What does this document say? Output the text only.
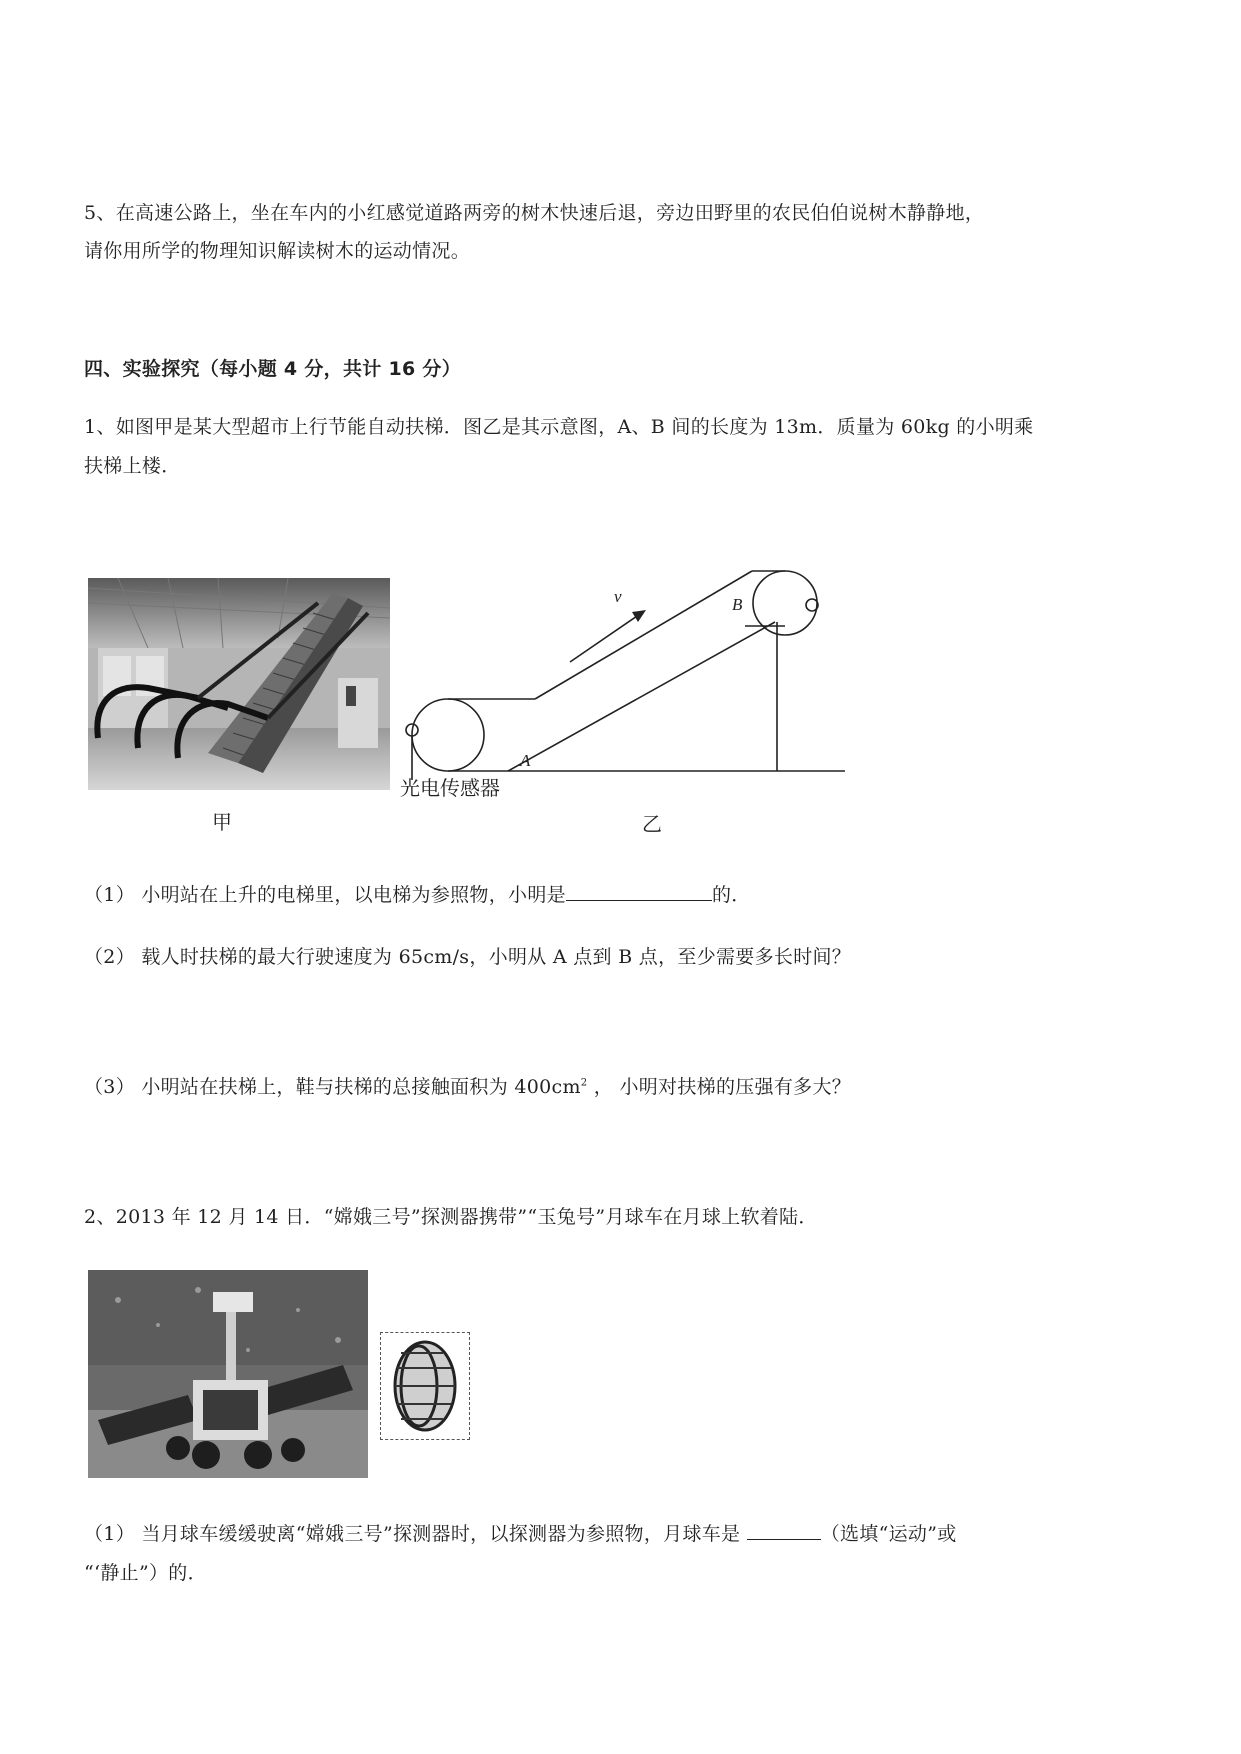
5、在高速公路上，坐在车内的小红感觉道路两旁的树木快速后退，旁边田野里的农民伯伯说树木静静地，
请你用所学的物理知识解读树木的运动情况。
四、实验探究（每小题 4 分，共计 16 分）
1、如图甲是某大型超市上行节能自动扶梯．图乙是其示意图，A、B 间的长度为 13m．质量为 60kg 的小明乘
扶梯上楼．
甲
v	B
A
光电传感器
乙
（1） 小明站在上升的电梯里，以电梯为参照物，小明是	的．
（2） 载人时扶梯的最大行驶速度为 65cm/s，小明从 A 点到 B 点，至少需要多长时间？
（3） 小明站在扶梯上，鞋与扶梯的总接触面积为 $400cm^2$ ， 小明对扶梯的压强有多大？
2、2013 年 12 月 14 日．“嫦娥三号”探测器携带”“玉兔号”月球车在月球上软着陆．
（1） 当月球车缓缓驶离“嫦娥三号”探测器时，以探测器为参照物，月球车是	（选填“运动”或
“‘静止”）的．
